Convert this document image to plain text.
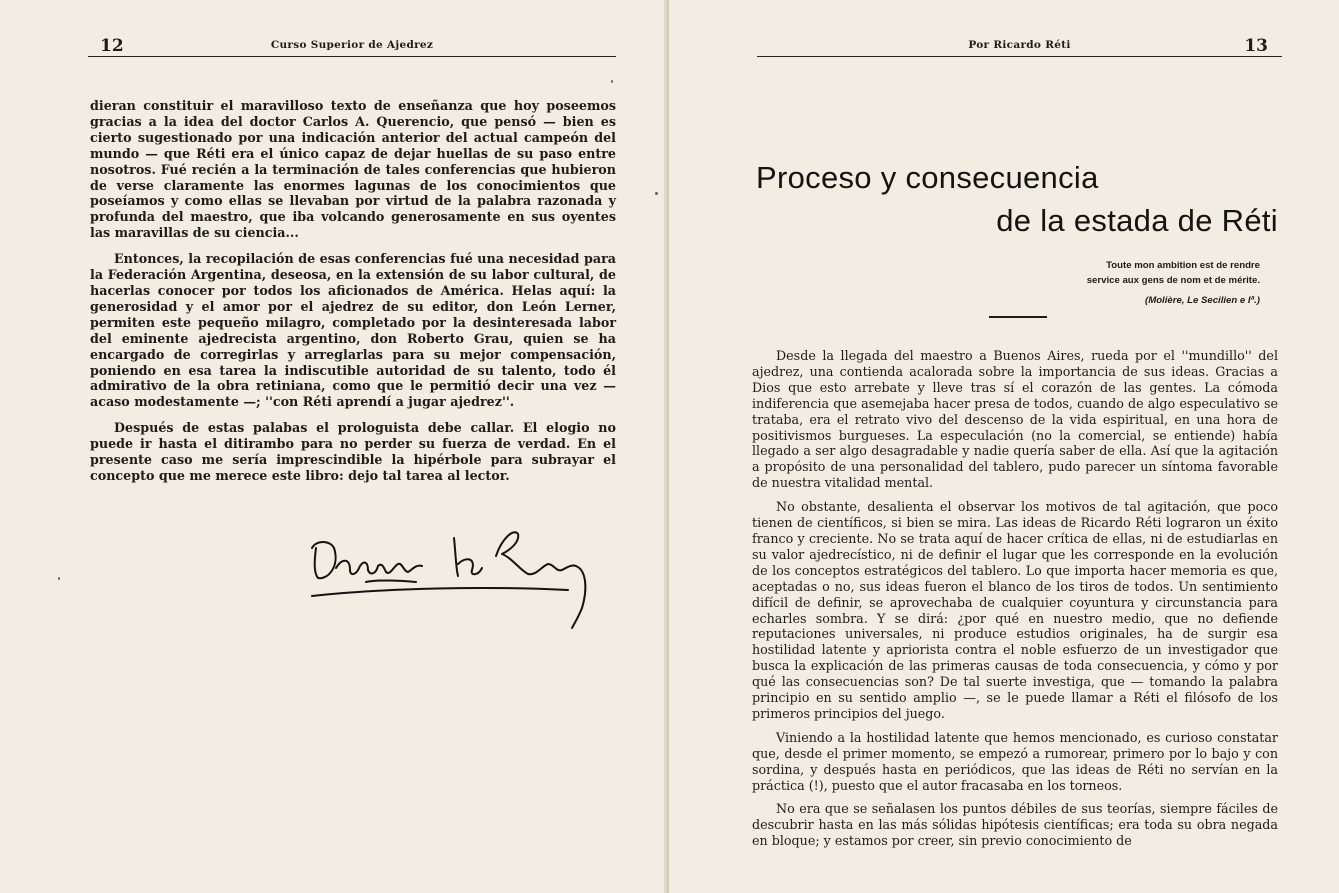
12	Curso Superior de Ajedrez

dieran constituir el maravilloso texto de enseñanza que hoy poseemos gracias a la idea del doctor Carlos A. Querencio, que pensó — bien es cierto sugestionado por una indicación anterior del actual campeón del mundo — que Réti era el único capaz de dejar huellas de su paso entre nosotros. Fué recién a la terminación de tales conferencias que hubieron de verse claramente las enormes lagunas de los conocimientos que poseíamos y como ellas se llevaban por virtud de la palabra razonada y profunda del maestro, que iba volcando generosamente en sus oyentes las maravillas de su ciencia...

Entonces, la recopilación de esas conferencias fué una necesidad para la Federación Argentina, deseosa, en la extensión de su labor cultural, de hacerlas conocer por todos los aficionados de América. Helas aquí: la generosidad y el amor por el ajedrez de su editor, don León Lerner, permiten este pequeño milagro, completado por la desinteresada labor del eminente ajedrecista argentino, don Roberto Grau, quien se ha encargado de corregirlas y arreglarlas para su mejor compensación, poniendo en esa tarea la indiscutible autoridad de su talento, todo él admirativo de la obra retiniana, como que le permitió decir una vez — acaso modestamente —; ''con Réti aprendí a jugar ajedrez''.

Después de estas palabas el prologuista debe callar. El elogio no puede ir hasta el ditirambo para no perder su fuerza de verdad. En el presente caso me sería imprescindible la hipérbole para subrayar el concepto que me merece este libro: dejo tal tarea al lector.

Por Ricardo Réti	13
Proceso y consecuencia
de la estada de Réti
Toute mon ambition est de rendre
service aux gens de nom et de mérite.
(Molière, Le Secilien e Iª.)

Desde la llegada del maestro a Buenos Aires, rueda por el ''mundillo'' del ajedrez, una contienda acalorada sobre la importancia de sus ideas. Gracias a Dios que esto arrebate y lleve tras sí el corazón de las gentes. La cómoda indiferencia que asemejaba hacer presa de todos, cuando de algo especulativo se trataba, era el retrato vivo del descenso de la vida espiritual, en una hora de positivismos burgueses. La especulación (no la comercial, se entiende) había llegado a ser algo desagradable y nadie quería saber de ella. Así que la agitación a propósito de una personalidad del tablero, pudo parecer un síntoma favorable de nuestra vitalidad mental.

No obstante, desalienta el observar los motivos de tal agitación, que poco tienen de científicos, si bien se mira. Las ideas de Ricardo Réti lograron un éxito franco y creciente. No se trata aquí de hacer crítica de ellas, ni de estudiarlas en su valor ajedrecístico, ni de definir el lugar que les corresponde en la evolución de los conceptos estratégicos del tablero. Lo que importa hacer memoria es que, aceptadas o no, sus ideas fueron el blanco de los tiros de todos. Un sentimiento difícil de definir, se aprovechaba de cualquier coyuntura y circunstancia para echarles sombra. Y se dirá: ¿por qué en nuestro medio, que no defiende reputaciones universales, ni produce estudios originales, ha de surgir esa hostilidad latente y apriorista contra el noble esfuerzo de un investigador que busca la explicación de las primeras causas de toda consecuencia, y cómo y por qué las consecuencias son? De tal suerte investiga, que — tomando la palabra principio en su sentido amplio —, se le puede llamar a Réti el filósofo de los primeros principios del juego.

Viniendo a la hostilidad latente que hemos mencionado, es curioso constatar que, desde el primer momento, se empezó a rumorear, primero por lo bajo y con sordina, y después hasta en periódicos, que las ideas de Réti no servían en la práctica (!), puesto que el autor fracasaba en los torneos.

No era que se señalasen los puntos débiles de sus teorías, siempre fáciles de descubrir hasta en las más sólidas hipótesis científicas; era toda su obra negada en bloque; y estamos por creer, sin previo conocimiento de
